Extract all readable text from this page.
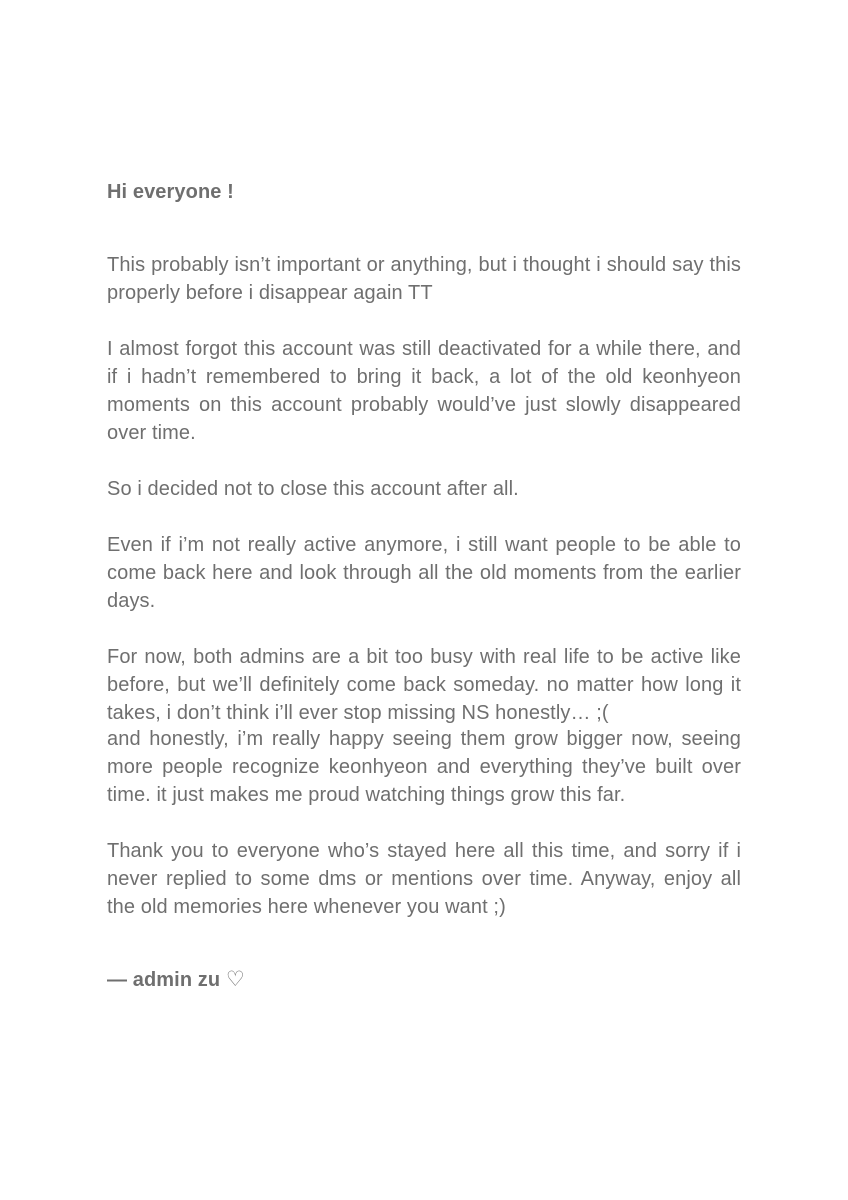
Hi everyone !

This probably isn’t important or anything, but i thought i should say this properly before i disappear again TT

I almost forgot this account was still deactivated for a while there, and if i hadn’t remembered to bring it back, a lot of the old keonhyeon moments on this account probably would’ve just slowly disappeared over time.

So i decided not to close this account after all.

Even if i’m not really active anymore, i still want people to be able to come back here and look through all the old moments from the earlier days.

For now, both admins are a bit too busy with real life to be active like before, but we’ll definitely come back someday. no matter how long it takes, i don’t think i’ll ever stop missing NS honestly… ;(

and honestly, i’m really happy seeing them grow bigger now, seeing more people recognize keonhyeon and everything they’ve built over time. it just makes me proud watching things grow this far.

Thank you to everyone who’s stayed here all this time, and sorry if i never replied to some dms or mentions over time. Anyway, enjoy all the old memories here whenever you want ;)

— admin zu ♡
